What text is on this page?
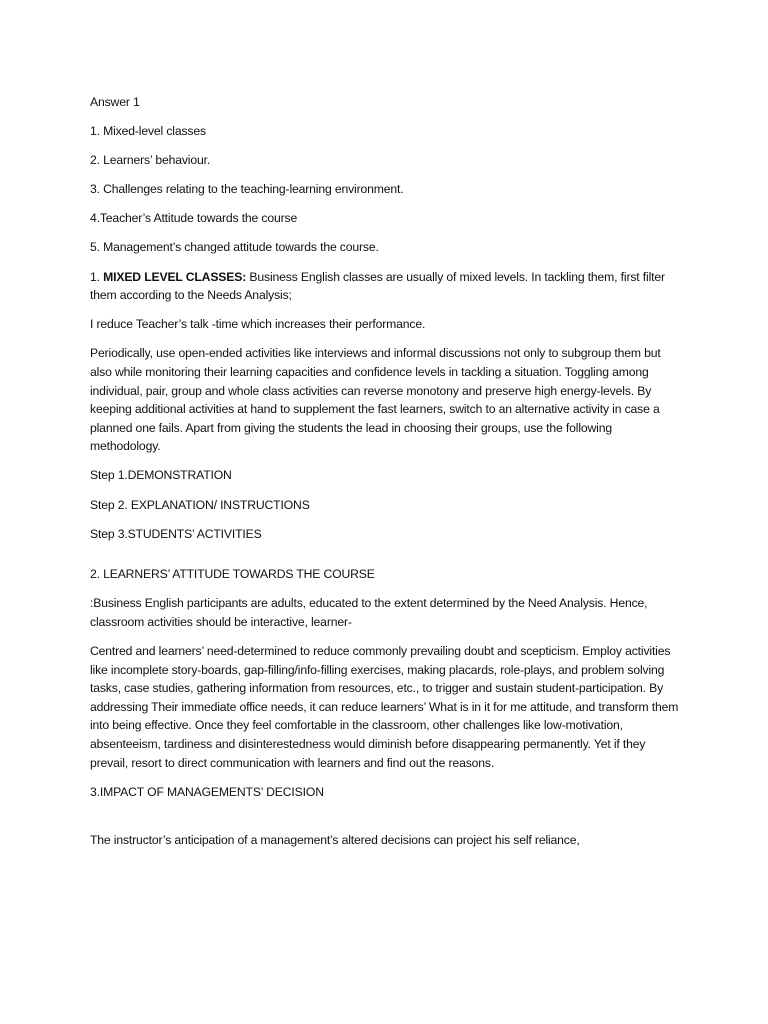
Answer 1

1. Mixed-level classes

2. Learners’ behaviour.

3. Challenges relating to the teaching-learning environment.

4.Teacher’s Attitude towards the course

5. Management’s changed attitude towards the course.

1. MIXED LEVEL CLASSES: Business English classes are usually of mixed levels. In tackling them, first filter them according to the Needs Analysis;

I reduce Teacher’s talk -time which increases their performance.

Periodically, use open-ended activities like interviews and informal discussions not only to subgroup them but also while monitoring their learning capacities and confidence levels in tackling a situation. Toggling among individual, pair, group and whole class activities can reverse monotony and preserve high energy-levels. By keeping additional activities at hand to supplement the fast learners, switch to an alternative activity in case a planned one fails. Apart from giving the students the lead in choosing their groups, use the following methodology.

Step 1.DEMONSTRATION

Step 2. EXPLANATION/ INSTRUCTIONS

Step 3.STUDENTS’ ACTIVITIES

2. LEARNERS’ ATTITUDE TOWARDS THE COURSE

:Business English participants are adults, educated to the extent determined by the Need Analysis. Hence, classroom activities should be interactive, learner-

Centred and learners’ need-determined to reduce commonly prevailing doubt and scepticism. Employ activities like incomplete story-boards, gap-filling/info-filling exercises, making placards, role-plays, and problem solving tasks, case studies, gathering information from resources, etc., to trigger and sustain student-participation. By addressing Their immediate office needs, it can reduce learners’ What is in it for me attitude, and transform them into being effective. Once they feel comfortable in the classroom, other challenges like low-motivation, absenteeism, tardiness and disinterestedness would diminish before disappearing permanently. Yet if they prevail, resort to direct communication with learners and find out the reasons.

3.IMPACT OF MANAGEMENTS’ DECISION

The instructor’s anticipation of a management’s altered decisions can project his self reliance,
